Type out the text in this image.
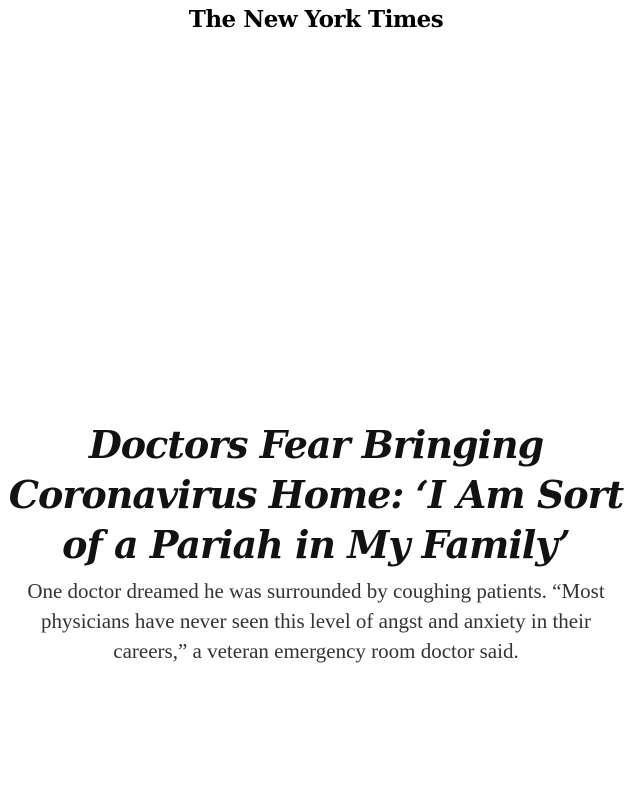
The New York Times
Doctors Fear Bringing Coronavirus Home: ‘I Am Sort of a Pariah in My Family’

One doctor dreamed he was surrounded by coughing patients. “Most physicians have never seen this level of angst and anxiety in their careers,” a veteran emergency room doctor said.
